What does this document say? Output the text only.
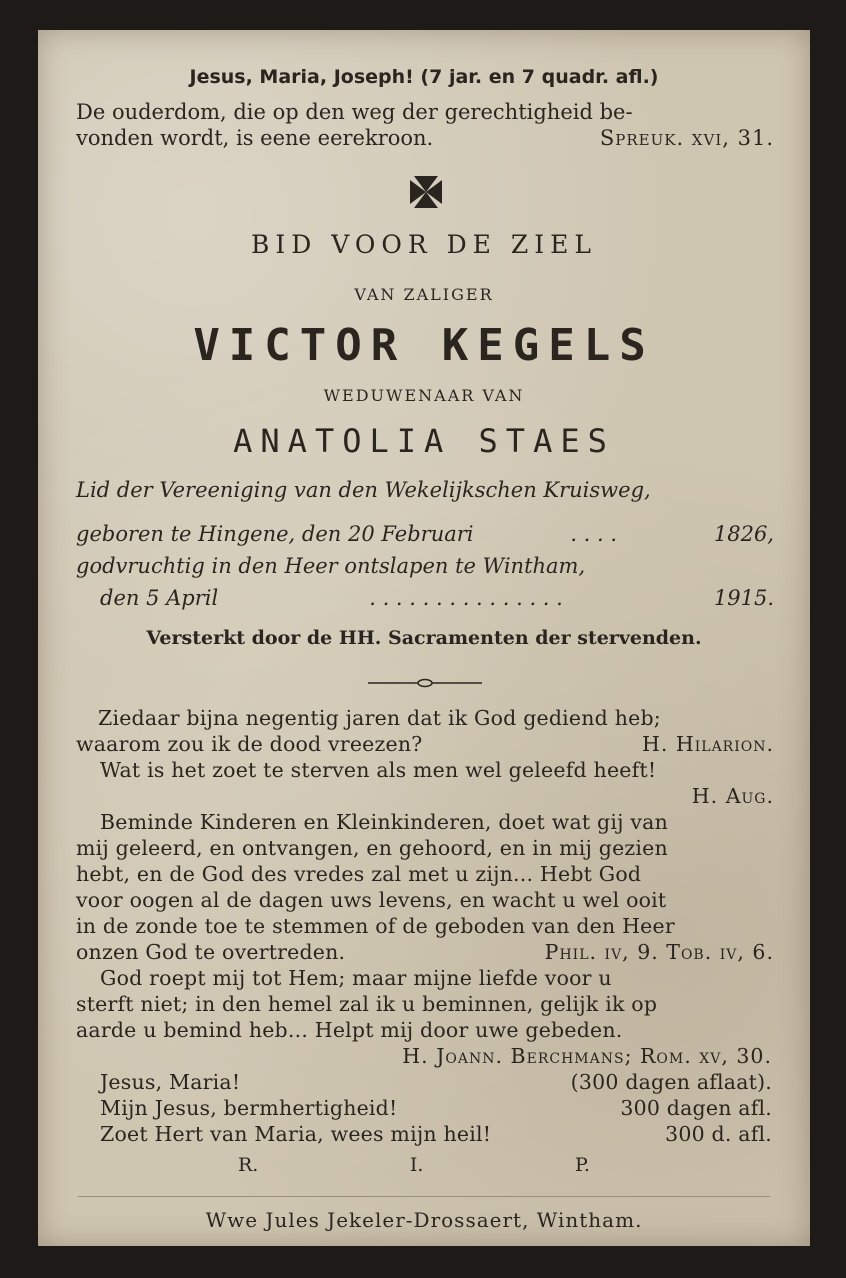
Jesus, Maria, Joseph! (7 jar. en 7 quadr. afl.)
De ouderdom, die op den weg der gerechtigheid be-
vonden wordt, is eene eerekroon.	Spreuk. xvi, 31.
BID VOOR DE ZIEL
VAN ZALIGER
VICTOR KEGELS
WEDUWENAAR VAN
ANATOLIA STAES
Lid der Vereeniging van den Wekelijkschen Kruisweg,
geboren te Hingene, den 20 Februari	. . . .	1826,
godvruchtig in den Heer ontslapen te Wintham,
den 5 April	. . . . . . . . . . . . . . .	1915.
Versterkt door de HH. Sacramenten der stervenden.
Ziedaar bijna negentig jaren dat ik God gediend heb;
waarom zou ik de dood vreezen?	H. Hilarion.
Wat is het zoet te sterven als men wel geleefd heeft!
H. Aug.
Beminde Kinderen en Kleinkinderen, doet wat gij van
mij geleerd, en ontvangen, en gehoord, en in mij gezien
hebt, en de God des vredes zal met u zijn... Hebt God
voor oogen al de dagen uws levens, en wacht u wel ooit
in de zonde toe te stemmen of de geboden van den Heer
onzen God te overtreden.	Phil. iv, 9. Tob. iv, 6.
God roept mij tot Hem; maar mijne liefde voor u
sterft niet; in den hemel zal ik u beminnen, gelijk ik op
aarde u bemind heb... Helpt mij door uwe gebeden.
H. Joann. Berchmans; Rom. xv, 30.
Jesus, Maria!	(300 dagen aflaat).
Mijn Jesus, bermhertigheid!	300 dagen afl.
Zoet Hert van Maria, wees mijn heil!	300 d. afl.
R.	I.	P.
Wwe Jules Jekeler-Drossaert, Wintham.
